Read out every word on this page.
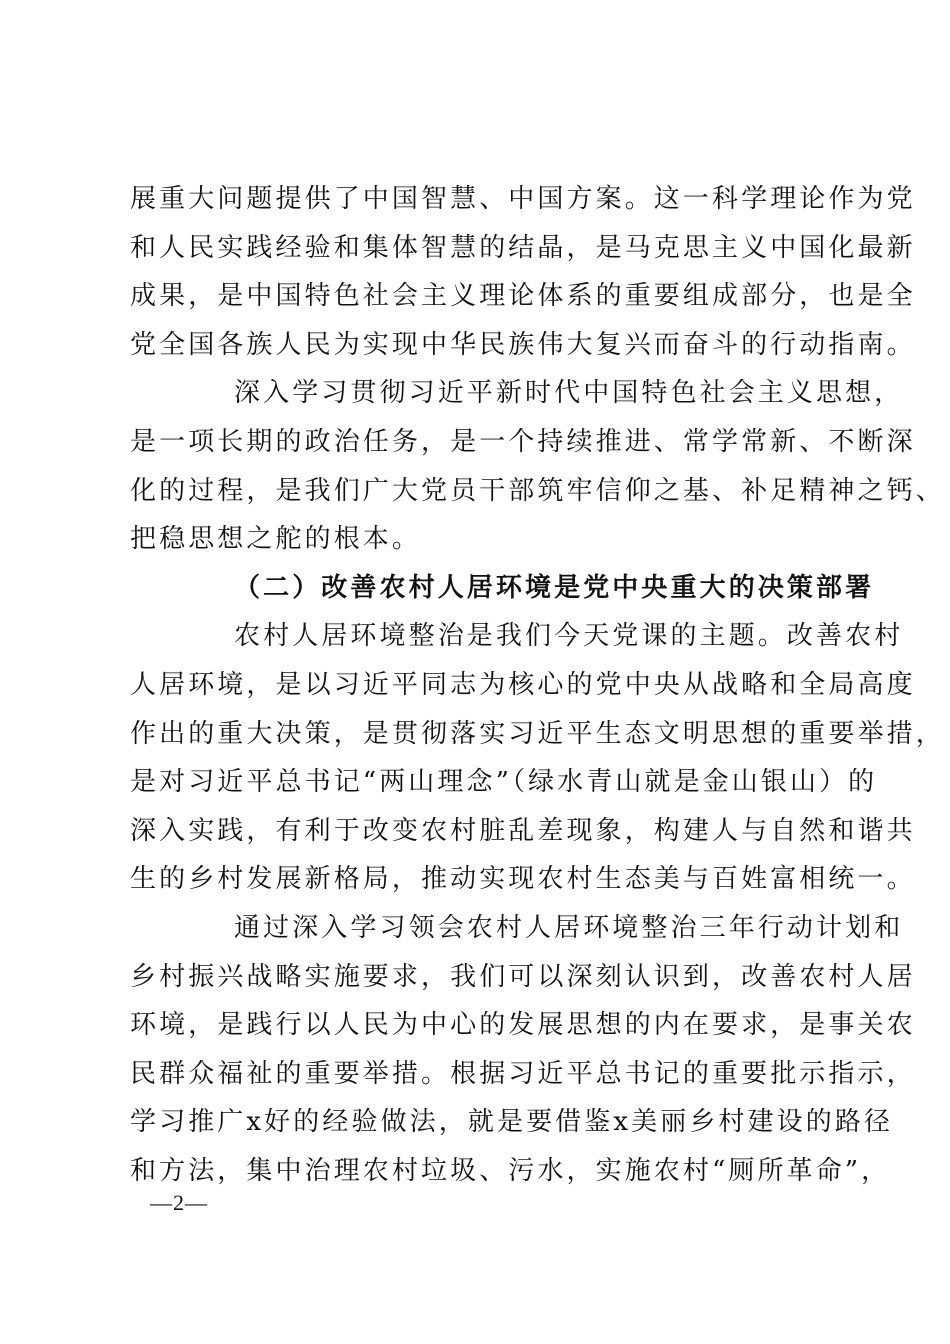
展重大问题提供了中国智慧、中国方案。这一科学理论作为党
和人民实践经验和集体智慧的结晶，是马克思主义中国化最新
成果，是中国特色社会主义理论体系的重要组成部分，也是全
党全国各族人民为实现中华民族伟大复兴而奋斗的行动指南。
深入学习贯彻习近平新时代中国特色社会主义思想，
是一项长期的政治任务，是一个持续推进、常学常新、不断深
化的过程，是我们广大党员干部筑牢信仰之基、补足精神之钙、
把稳思想之舵的根本。
（二）改善农村人居环境是党中央重大的决策部署
农村人居环境整治是我们今天党课的主题。改善农村
人居环境，是以习近平同志为核心的党中央从战略和全局高度
作出的重大决策，是贯彻落实习近平生态文明思想的重要举措，
是对习近平总书记“两山理念”（绿水青山就是金山银山）的
深入实践，有利于改变农村脏乱差现象，构建人与自然和谐共
生的乡村发展新格局，推动实现农村生态美与百姓富相统一。
通过深入学习领会农村人居环境整治三年行动计划和
乡村振兴战略实施要求，我们可以深刻认识到，改善农村人居
环境，是践行以人民为中心的发展思想的内在要求，是事关农
民群众福祉的重要举措。根据习近平总书记的重要批示指示，
学习推广x好的经验做法，就是要借鉴x美丽乡村建设的路径
和方法，集中治理农村垃圾、污水，实施农村“厕所革命”，
—2—
